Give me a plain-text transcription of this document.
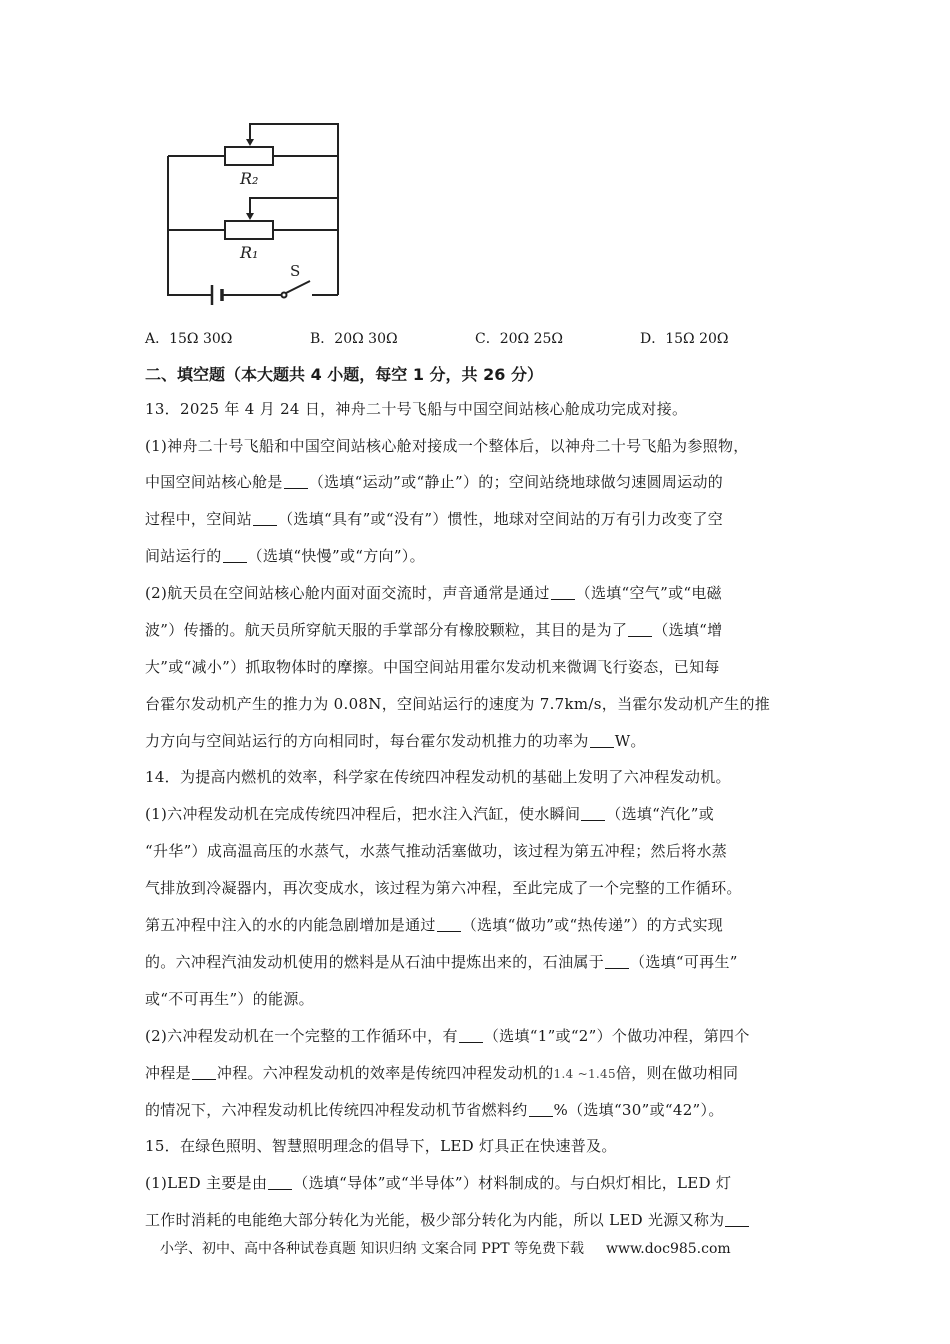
R₂
R₁
S
A．15Ω 30Ω	B．20Ω 30Ω	C．20Ω 25Ω	D．15Ω 20Ω
二、填空题（本大题共 4 小题，每空 1 分，共 26 分）
13．2025 年 4 月 24 日，神舟二十号飞船与中国空间站核心舱成功完成对接。
(1)神舟二十号飞船和中国空间站核心舱对接成一个整体后，以神舟二十号飞船为参照物，
中国空间站核心舱是 （选填“运动”或“静止”）的；空间站绕地球做匀速圆周运动的
过程中，空间站 （选填“具有”或“没有”）惯性，地球对空间站的万有引力改变了空
间站运行的 （选填“快慢”或“方向”）。
(2)航天员在空间站核心舱内面对面交流时，声音通常是通过 （选填“空气”或“电磁
波”）传播的。航天员所穿航天服的手掌部分有橡胶颗粒，其目的是为了 （选填“增
大”或“减小”）抓取物体时的摩擦。中国空间站用霍尔发动机来微调飞行姿态，已知每
台霍尔发动机产生的推力为 0.08N，空间站运行的速度为 7.7km/s，当霍尔发动机产生的推
力方向与空间站运行的方向相同时，每台霍尔发动机推力的功率为 W。
14．为提高内燃机的效率，科学家在传统四冲程发动机的基础上发明了六冲程发动机。
(1)六冲程发动机在完成传统四冲程后，把水注入汽缸，使水瞬间 （选填“汽化”或
“升华”）成高温高压的水蒸气，水蒸气推动活塞做功，该过程为第五冲程；然后将水蒸
气排放到冷凝器内，再次变成水，该过程为第六冲程，至此完成了一个完整的工作循环。
第五冲程中注入的水的内能急剧增加是通过 （选填“做功”或“热传递”）的方式实现
的。六冲程汽油发动机使用的燃料是从石油中提炼出来的，石油属于 （选填“可再生”
或“不可再生”）的能源。
(2)六冲程发动机在一个完整的工作循环中，有 （选填“1”或“2”）个做功冲程，第四个
冲程是 冲程。六冲程发动机的效率是传统四冲程发动机的1.4 ~1.45倍，则在做功相同
的情况下，六冲程发动机比传统四冲程发动机节省燃料约 %（选填“30”或“42”）。
15．在绿色照明、智慧照明理念的倡导下，LED 灯具正在快速普及。
(1)LED 主要是由 （选填“导体”或“半导体”）材料制成的。与白炽灯相比，LED 灯
工作时消耗的电能绝大部分转化为光能，极少部分转化为内能，所以 LED 光源又称为
小学、初中、高中各种试卷真题 知识归纳 文案合同 PPT 等免费下载 www.doc985.com
